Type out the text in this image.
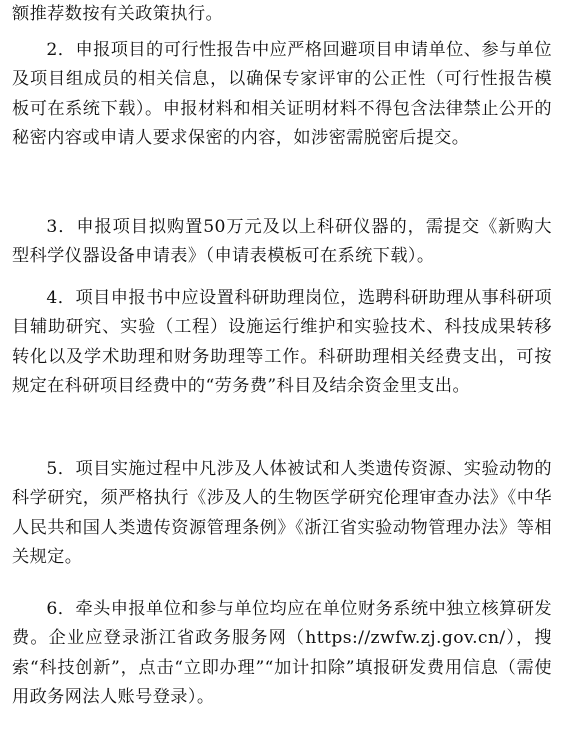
额推荐数按有关政策执行。

2．申报项目的可行性报告中应严格回避项目申请单位、参与单位及项目组成员的相关信息，以确保专家评审的公正性（可行性报告模板可在系统下载）。申报材料和相关证明材料不得包含法律禁止公开的秘密内容或申请人要求保密的内容，如涉密需脱密后提交。

3．申报项目拟购置50万元及以上科研仪器的，需提交《新购大型科学仪器设备申请表》（申请表模板可在系统下载）。

4．项目申报书中应设置科研助理岗位，选聘科研助理从事科研项目辅助研究、实验（工程）设施运行维护和实验技术、科技成果转移转化以及学术助理和财务助理等工作。科研助理相关经费支出，可按规定在科研项目经费中的“劳务费”科目及结余资金里支出。

5．项目实施过程中凡涉及人体被试和人类遗传资源、实验动物的科学研究，须严格执行《涉及人的生物医学研究伦理审查办法》《中华人民共和国人类遗传资源管理条例》《浙江省实验动物管理办法》等相关规定。

6．牵头申报单位和参与单位均应在单位财务系统中独立核算研发费。企业应登录浙江省政务服务网（https://zwfw.zj.gov.cn/），搜索“科技创新”，点击“立即办理”“加计扣除”填报研发费用信息（需使用政务网法人账号登录）。
